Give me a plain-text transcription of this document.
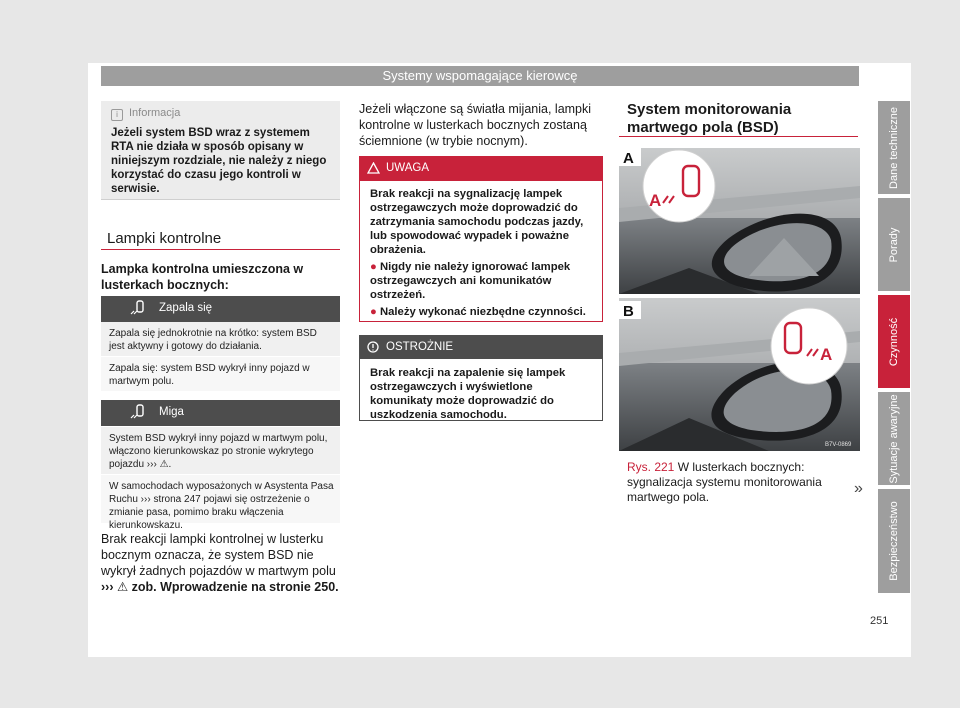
Systemy wspomagające kierowcę
i Informacja
Jeżeli system BSD wraz z systemem RTA nie działa w sposób opisany w niniejszym rozdziale, nie należy z niego korzystać do czasu jego kontroli w serwisie.
Lampki kontrolne
Lampka kontrolna umieszczona w lusterkach bocznych:
Zapala się
Zapala się jednokrotnie na krótko: system BSD jest aktywny i gotowy do działania.
Zapala się: system BSD wykrył inny pojazd w martwym polu.
Miga
System BSD wykrył inny pojazd w martwym polu, włączono kierunkowskaz po stronie wykrytego pojazdu ››› ⚠.
W samochodach wyposażonych w Asystenta Pasa Ruchu ››› strona 247 pojawi się ostrzeżenie o zmianie pasa, pomimo braku włączenia kierunkowskazu.
Brak reakcji lampki kontrolnej w lusterku bocznym oznacza, że system BSD nie wykrył żadnych pojazdów w martwym polu ››› ⚠ zob. Wprowadzenie na stronie 250.
Jeżeli włączone są światła mijania, lampki kontrolne w lusterkach bocznych zostaną ściemnione (w trybie nocnym).
UWAGA
Brak reakcji na sygnalizację lampek ostrzegawczych może doprowadzić do zatrzymania samochodu podczas jazdy, lub spowodować wypadek i poważne obrażenia.
● Nigdy nie należy ignorować lampek ostrzegawczych ani komunikatów ostrzeżeń.
● Należy wykonać niezbędne czynności.
OSTROŻNIE
Brak reakcji na zapalenie się lampek ostrzegawczych i wyświetlone komunikaty może doprowadzić do uszkodzenia samochodu.
System monitorowania martwego pola (BSD)
A
A
A
B
B7V-0869
Rys. 221 W lusterkach bocznych: sygnalizacja systemu monitorowania martwego pola.	»
Dane techniczne
Porady
Czynność
Sytuacje awaryjne
Bezpieczeństwo
251
